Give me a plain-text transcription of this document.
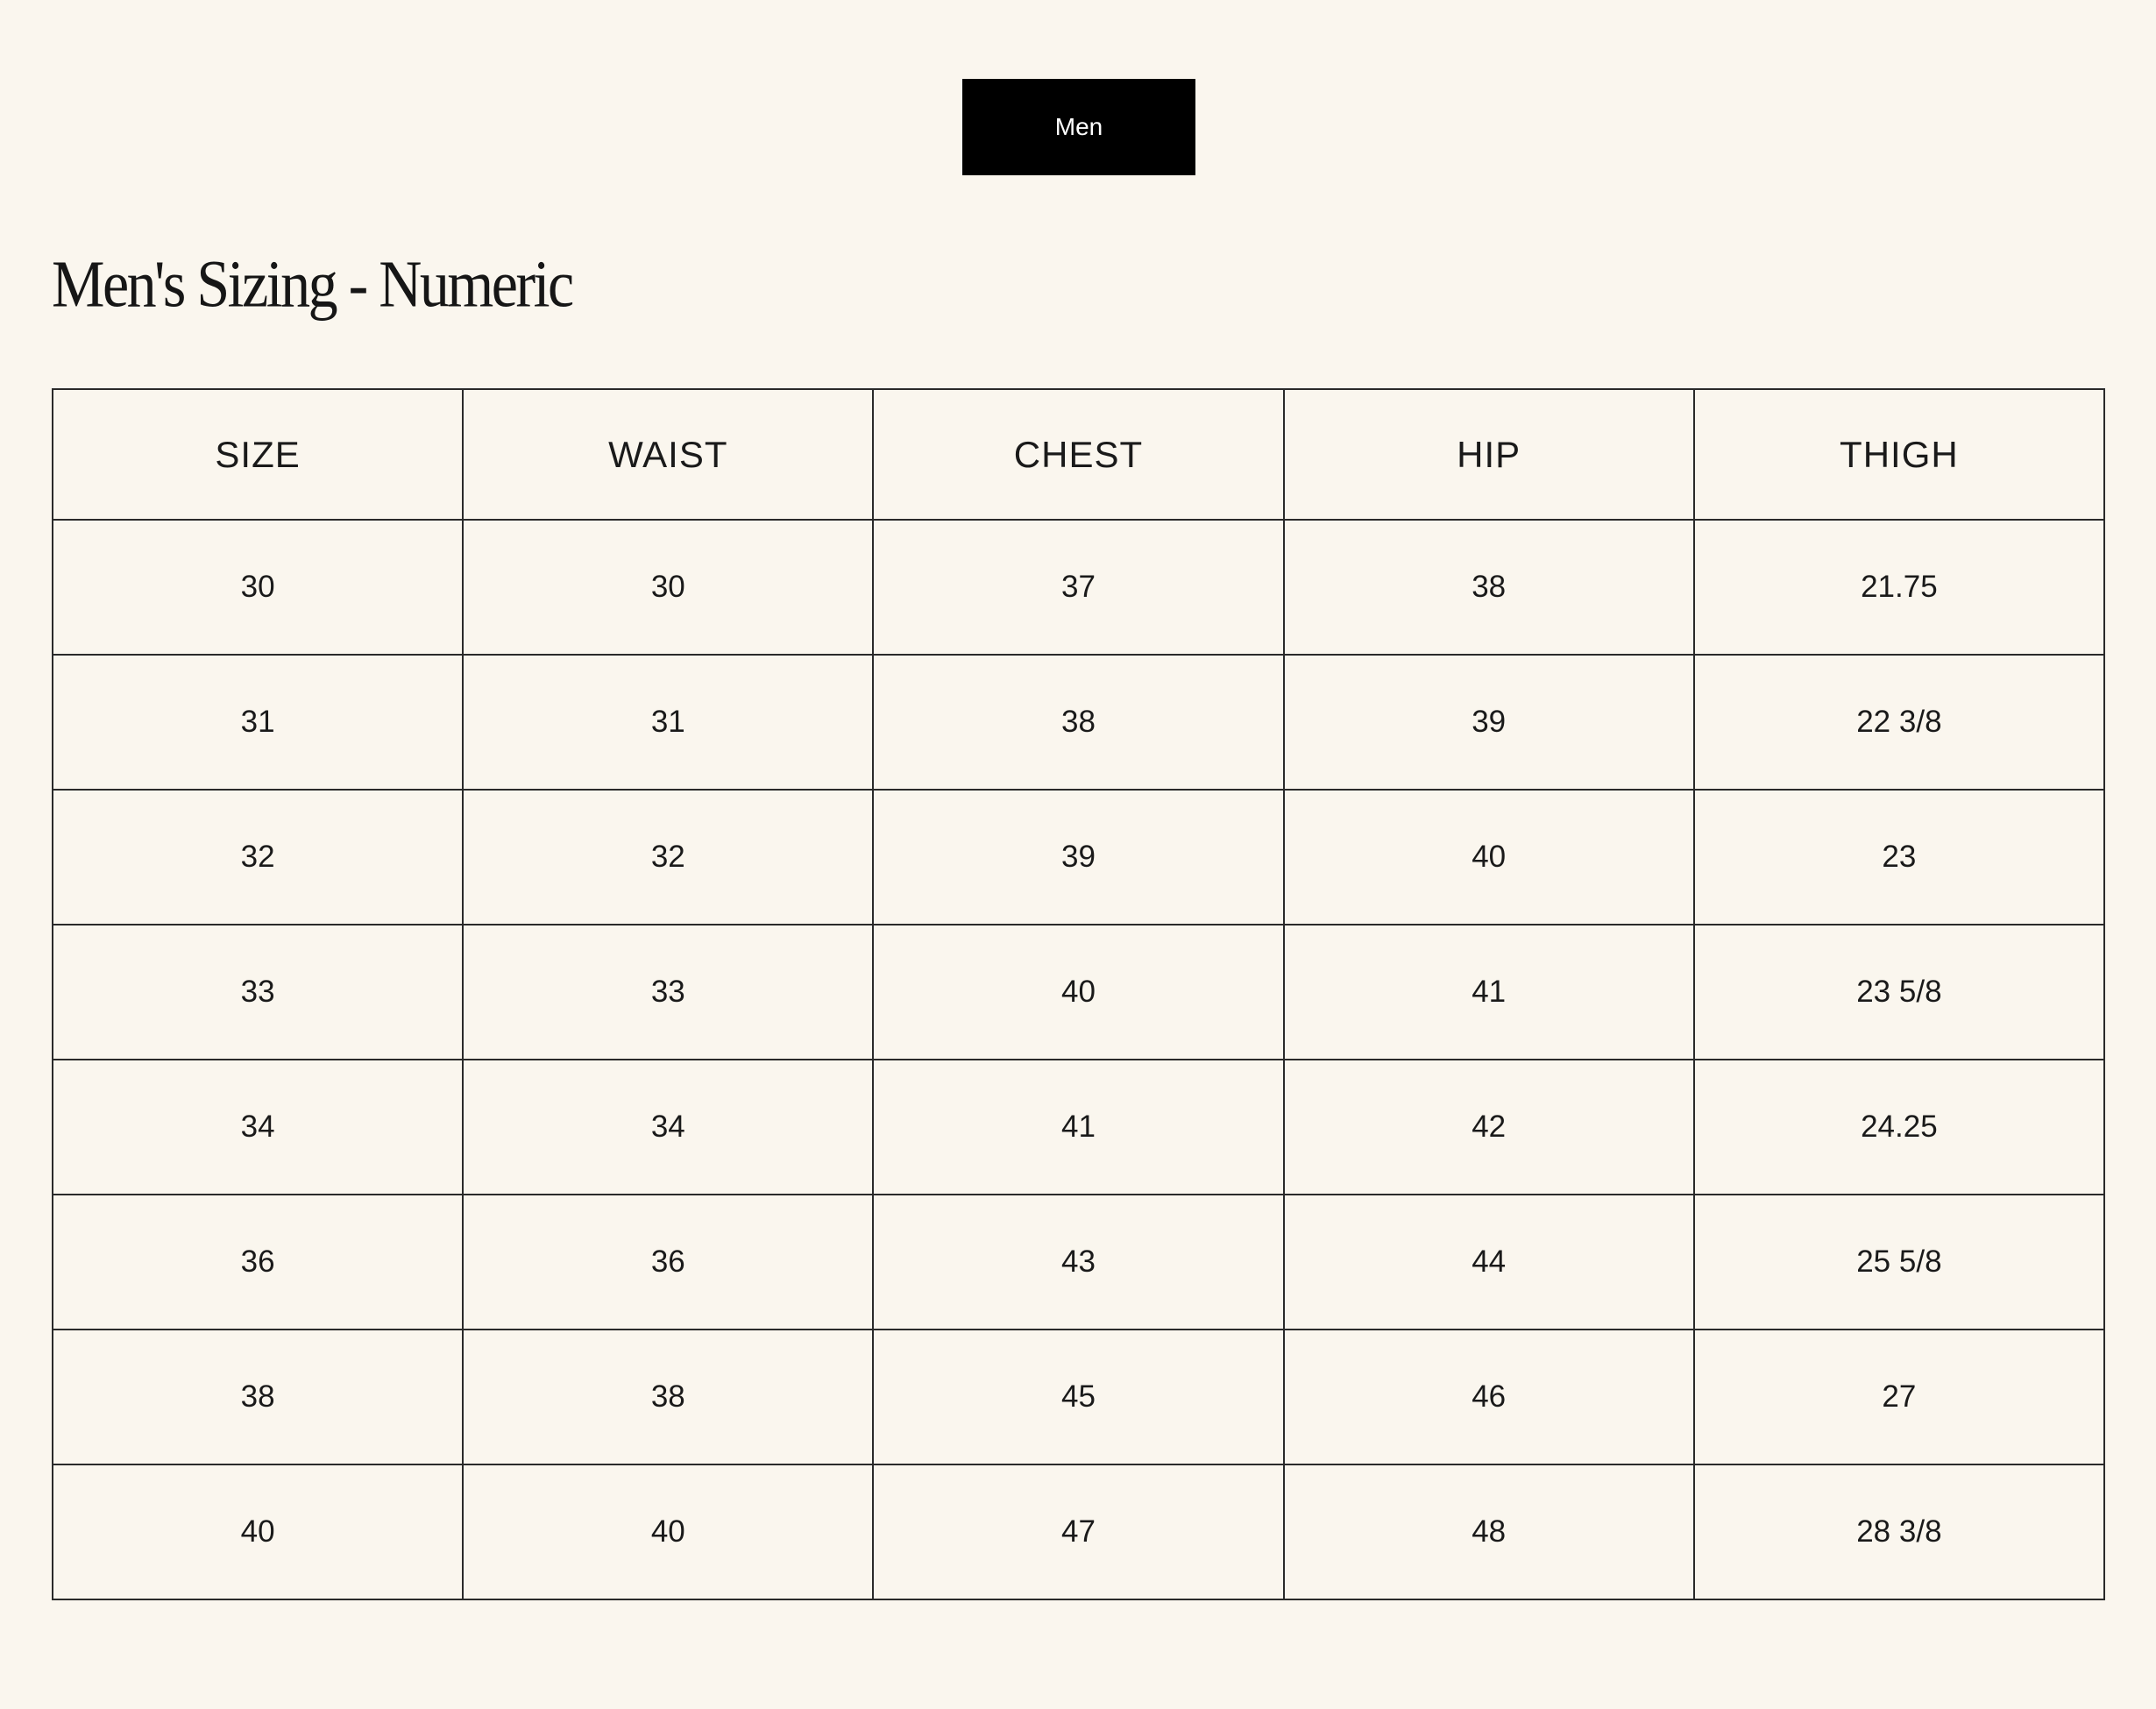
Men
Men's Sizing - Numeric
SIZE	WAIST	CHEST	HIP	THIGH
30	30	37	38	21.75
31	31	38	39	22 3/8
32	32	39	40	23
33	33	40	41	23 5/8
34	34	41	42	24.25
36	36	43	44	25 5/8
38	38	45	46	27
40	40	47	48	28 3/8
